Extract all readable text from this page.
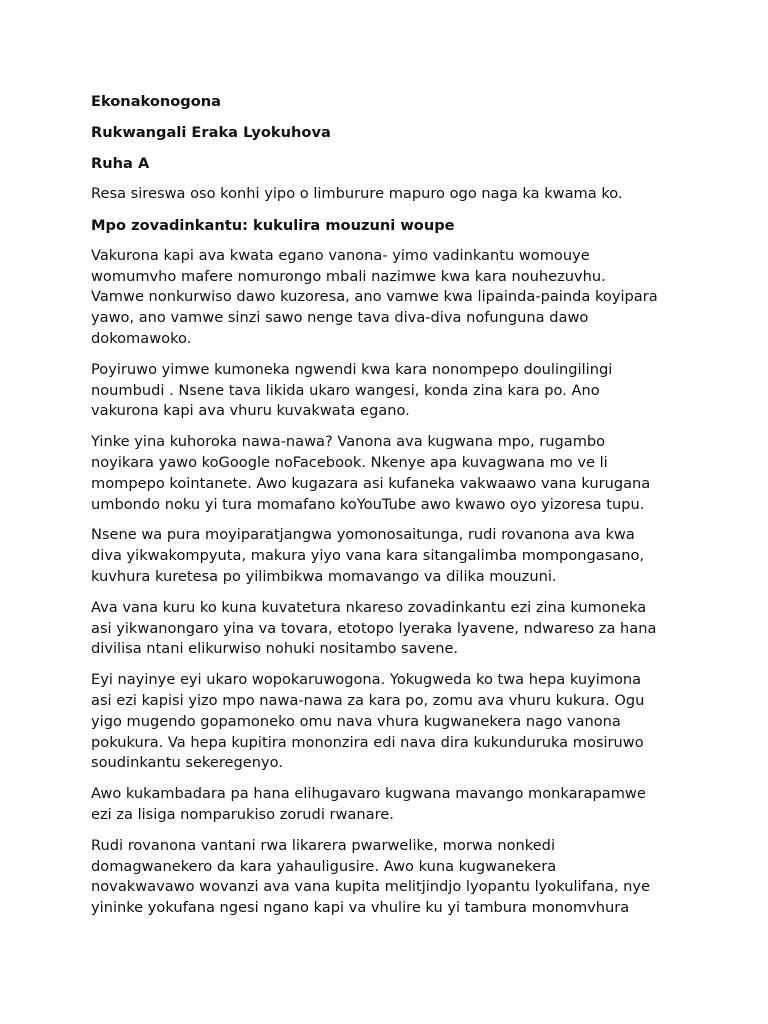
Ekonakonogona
Rukwangali Eraka Lyokuhova
Ruha A
Resa sireswa oso konhi yipo o limburure mapuro ogo naga ka kwama ko.
Mpo zovadinkantu: kukulira mouzuni woupe
Vakurona kapi ava kwata egano vanona- yimo vadinkantu womouye
womumvho mafere nomurongo mbali nazimwe kwa kara nouhezuvhu.
Vamwe nonkurwiso dawo kuzoresa, ano vamwe kwa lipainda-painda koyipara
yawo, ano vamwe sinzi sawo nenge tava diva-diva nofunguna dawo
dokomawoko.
Poyiruwo yimwe kumoneka ngwendi kwa kara nonompepo doulingilingi
noumbudi . Nsene tava likida ukaro wangesi, konda zina kara po. Ano
vakurona kapi ava vhuru kuvakwata egano.
Yinke yina kuhoroka nawa-nawa? Vanona ava kugwana mpo, rugambo
noyikara yawo koGoogle noFacebook. Nkenye apa kuvagwana mo ve li
mompepo kointanete. Awo kugazara asi kufaneka vakwaawo vana kurugana
umbondo noku yi tura momafano koYouTube awo kwawo oyo yizoresa tupu.
Nsene wa pura moyiparatjangwa yomonosaitunga, rudi rovanona ava kwa
diva yikwakompyuta, makura yiyo vana kara sitangalimba mompongasano,
kuvhura kuretesa po yilimbikwa momavango va dilika mouzuni.
Ava vana kuru ko kuna kuvatetura nkareso zovadinkantu ezi zina kumoneka
asi yikwanongaro yina va tovara, etotopo lyeraka lyavene, ndwareso za hana
divilisa ntani elikurwiso nohuki nositambo savene.
Eyi nayinye eyi ukaro wopokaruwogona. Yokugweda ko twa hepa kuyimona
asi ezi kapisi yizo mpo nawa-nawa za kara po, zomu ava vhuru kukura. Ogu
yigo mugendo gopamoneko omu nava vhura kugwanekera nago vanona
pokukura. Va hepa kupitira mononzira edi nava dira kukunduruka mosiruwo
soudinkantu sekeregenyo.
Awo kukambadara pa hana elihugavaro kugwana mavango monkarapamwe
ezi za lisiga nomparukiso zorudi rwanare.
Rudi rovanona vantani rwa likarera pwarwelike, morwa nonkedi
domagwanekero da kara yahauligusire. Awo kuna kugwanekera
novakwavawo wovanzi ava vana kupita melitjindjo lyopantu lyokulifana, nye
yininke yokufana ngesi ngano kapi va vhulire ku yi tambura monomvhura
